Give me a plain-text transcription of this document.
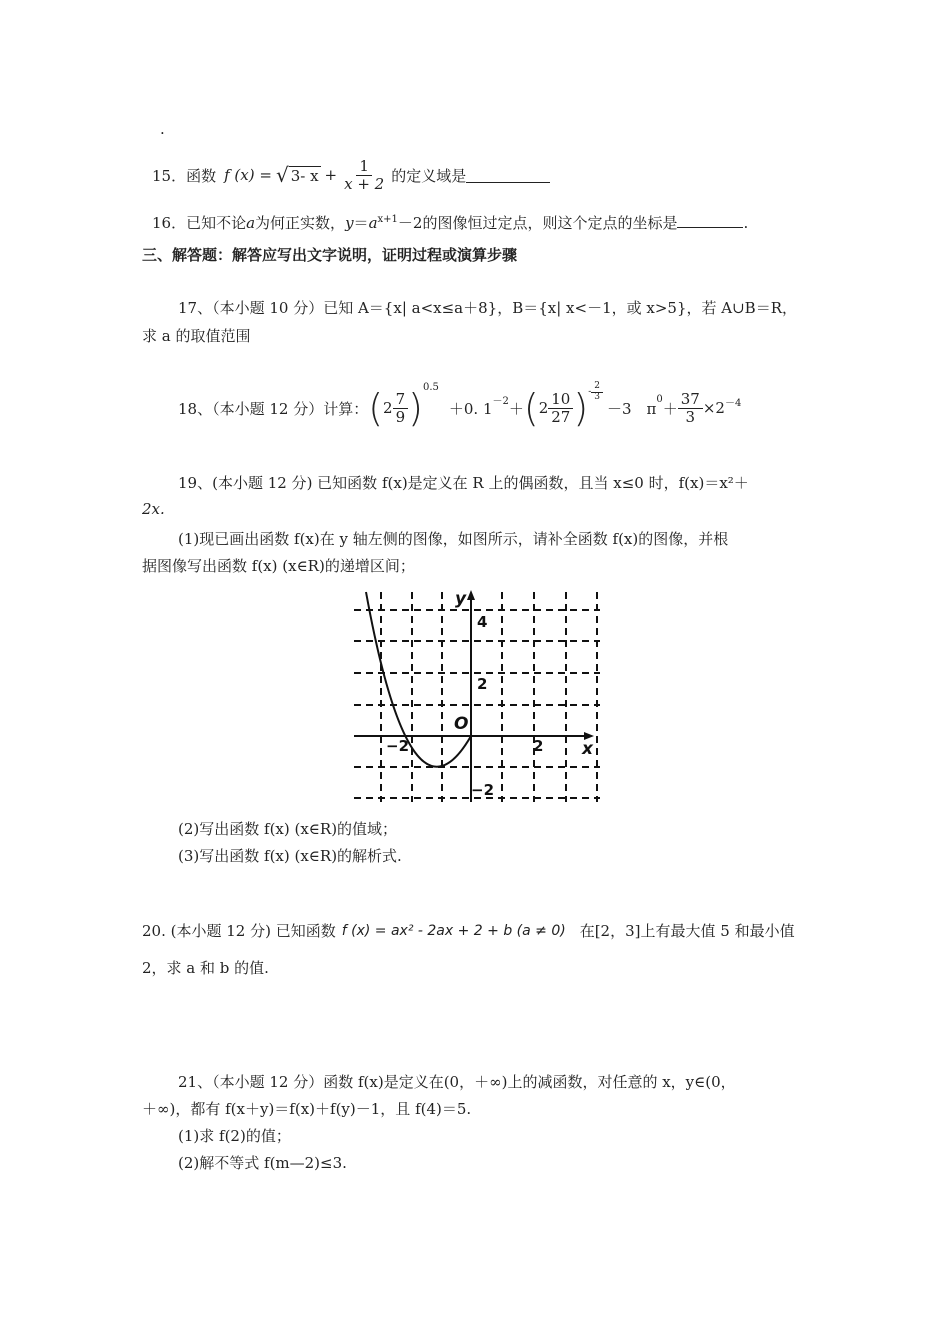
.
15． 函数 f (x) = √ 3- $x + \frac{1}{x + 2}$ 的定义域是
16．已知不论a为何正实数，$y=a^{x+1}-2$的图像恒过定点，则这个定点的坐标是	.
三、解答题：解答应写出文字说明，证明过程或演算步骤
17、（本小题 10 分）已知 A＝{x| a<x≤a＋8}，B＝{x| x<－1，或 x>5}，若 A∪B＝R，
求 a 的取值范围
18、（本小题 12 分）计算： ( $2 \frac{7}{9}$ ) 0.5
＋0. 1 －2 ＋ ( $2 \frac{10}{27}$ ) - $\frac{2}{3}$
－3　π $0 + \frac{37}{3} \times 2 -4$
19、(本小题 12 分) 已知函数 f(x)是定义在 R 上的偶函数，且当 x≤0 时，f(x)＝x²＋
2x.
(1)现已画出函数 f(x)在 y 轴左侧的图像，如图所示，请补全函数 f(x)的图像，并根
据图像写出函数 f(x) (x∈R)的递增区间；
y
x
O
4
2
−2
−2	2
(2)写出函数 f(x) (x∈R)的值域；
(3)写出函数 f(x) (x∈R)的解析式.
20. (本小题 12 分) 已知函数 f (x) = ax² - 2ax + 2 + b (a ≠ 0) 在[2，3]上有最大值 5 和最小值
2，求 a 和 b 的值.
21、（本小题 12 分）函数 f(x)是定义在(0，＋∞)上的减函数，对任意的 x，y∈(0，
＋∞)，都有 f(x＋y)＝f(x)＋f(y)－1，且 f(4)＝5.
(1)求 f(2)的值；
(2)解不等式 f(m—2)≤3.
